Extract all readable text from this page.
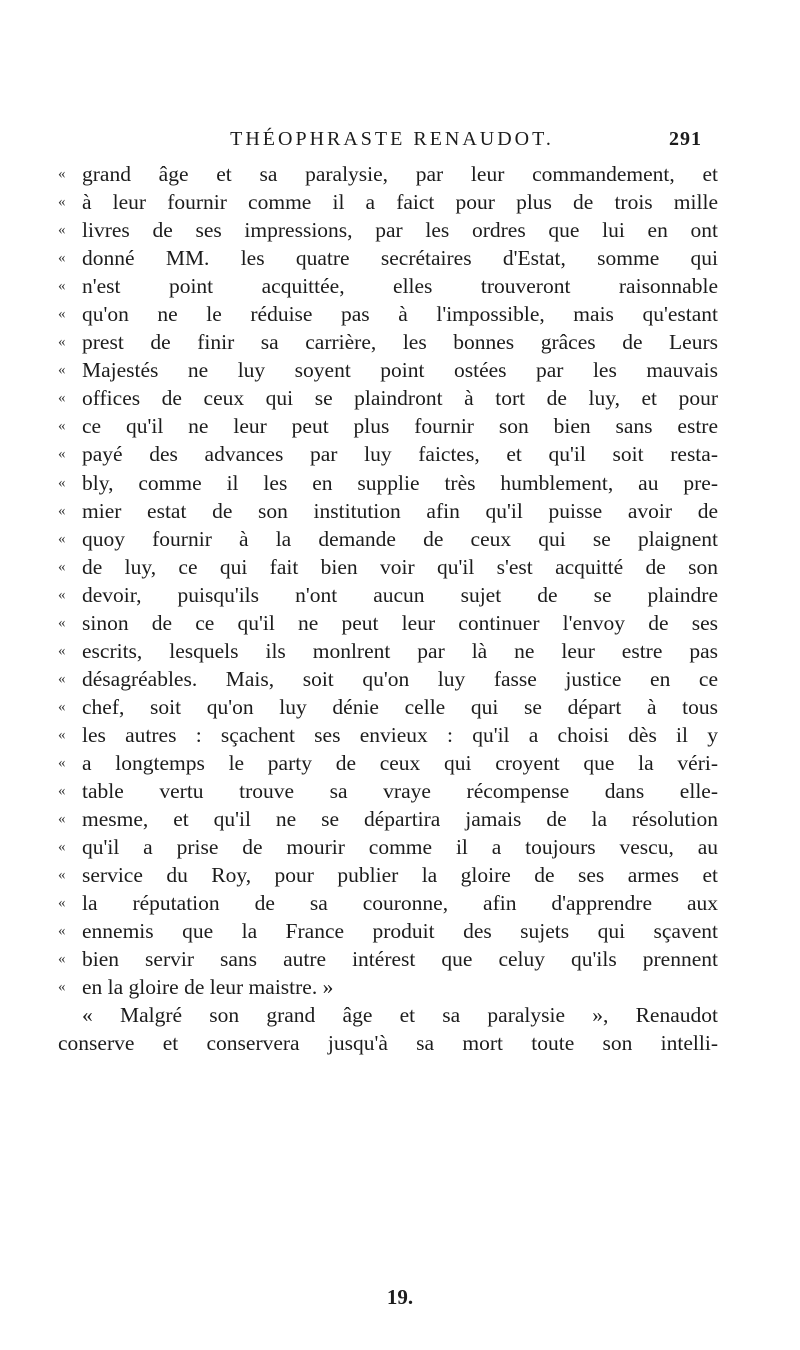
THÉOPHRASTE RENAUDOT.	291
« grand âge et sa paralysie, par leur commandement, et
« à leur fournir comme il a faict pour plus de trois mille
« livres de ses impressions, par les ordres que lui en ont
« donné MM. les quatre secrétaires d'Estat, somme qui
« n'est point acquittée, elles trouveront raisonnable
« qu'on ne le réduise pas à l'impossible, mais qu'estant
« prest de finir sa carrière, les bonnes grâces de Leurs
« Majestés ne luy soyent point ostées par les mauvais
« offices de ceux qui se plaindront à tort de luy, et pour
« ce qu'il ne leur peut plus fournir son bien sans estre
« payé des advances par luy faictes, et qu'il soit resta-
« bly, comme il les en supplie très humblement, au pre-
« mier estat de son institution afin qu'il puisse avoir de
« quoy fournir à la demande de ceux qui se plaignent
« de luy, ce qui fait bien voir qu'il s'est acquitté de son
« devoir, puisqu'ils n'ont aucun sujet de se plaindre
« sinon de ce qu'il ne peut leur continuer l'envoy de ses
« escrits, lesquels ils monlrent par là ne leur estre pas
« désagréables. Mais, soit qu'on luy fasse justice en ce
« chef, soit qu'on luy dénie celle qui se départ à tous
« les autres : sçachent ses envieux : qu'il a choisi dès il y
« a longtemps le party de ceux qui croyent que la véri-
« table vertu trouve sa vraye récompense dans elle-
« mesme, et qu'il ne se départira jamais de la résolution
« qu'il a prise de mourir comme il a toujours vescu, au
« service du Roy, pour publier la gloire de ses armes et
« la réputation de sa couronne, afin d'apprendre aux
« ennemis que la France produit des sujets qui sçavent
« bien servir sans autre intérest que celuy qu'ils prennent
« en la gloire de leur maistre. »
« Malgré son grand âge et sa paralysie », Renaudot
conserve et conservera jusqu'à sa mort toute son intelli-
19.
